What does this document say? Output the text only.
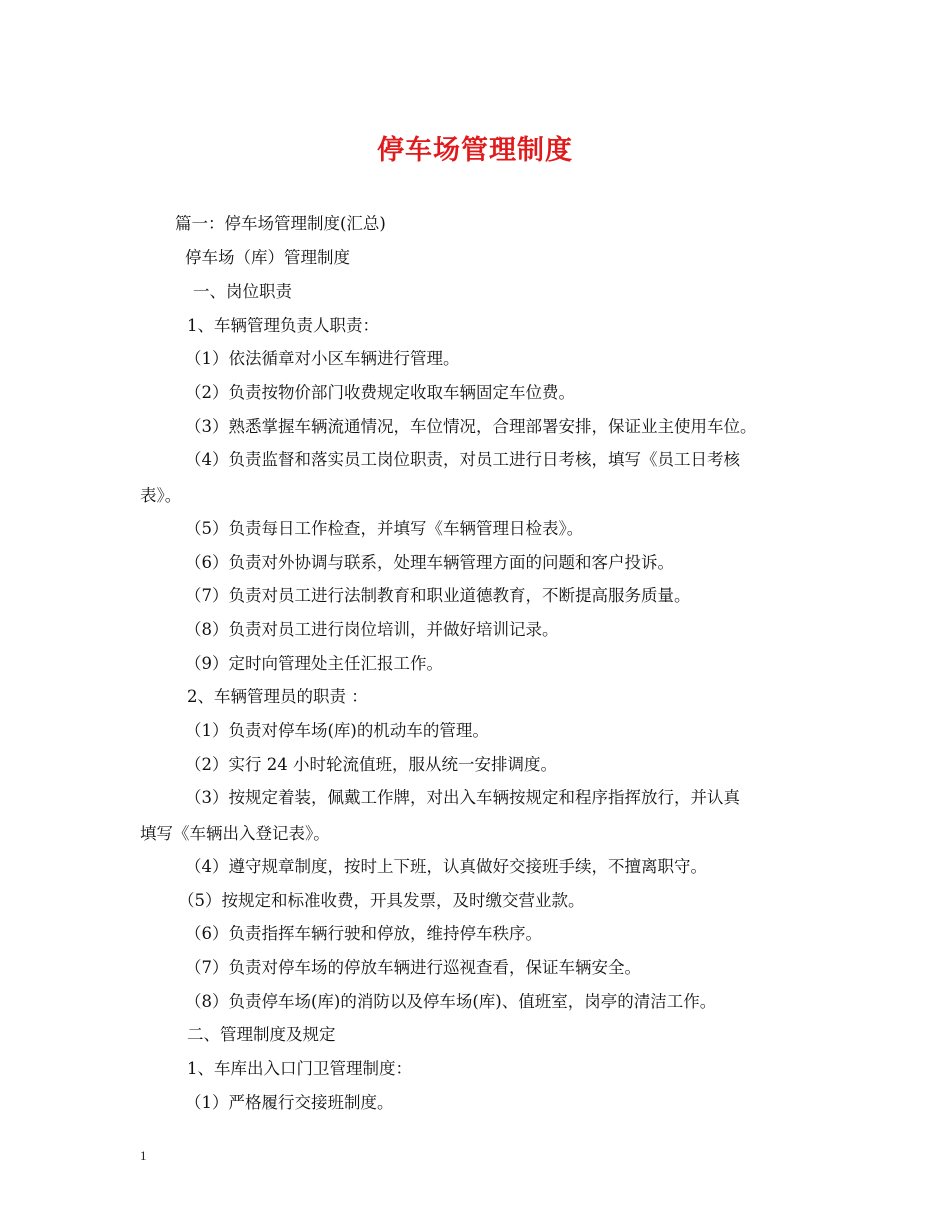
停车场管理制度
篇一：停车场管理制度(汇总)
停车场（库）管理制度
一、岗位职责
1、车辆管理负责人职责：
（1）依法循章对小区车辆进行管理。
（2）负责按物价部门收费规定收取车辆固定车位费。
（3）熟悉掌握车辆流通情况，车位情况，合理部署安排，保证业主使用车位。
（4）负责监督和落实员工岗位职责，对员工进行日考核，填写《员工日考核
表》。
（5）负责每日工作检查，并填写《车辆管理日检表》。
（6）负责对外协调与联系，处理车辆管理方面的问题和客户投诉。
（7）负责对员工进行法制教育和职业道德教育，不断提高服务质量。
（8）负责对员工进行岗位培训，并做好培训记录。
（9）定时向管理处主任汇报工作。
2、车辆管理员的职责 ：
（1）负责对停车场(库)的机动车的管理。
（2）实行 24 小时轮流值班，服从统一安排调度。
（3）按规定着装，佩戴工作牌，对出入车辆按规定和程序指挥放行，并认真
填写《车辆出入登记表》。
（4）遵守规章制度，按时上下班，认真做好交接班手续，不擅离职守。
（5）按规定和标准收费，开具发票，及时缴交营业款。
（6）负责指挥车辆行驶和停放，维持停车秩序。
（7）负责对停车场的停放车辆进行巡视查看，保证车辆安全。
（8）负责停车场(库)的消防以及停车场(库)、值班室，岗亭的清洁工作。
二、管理制度及规定
1、车库出入口门卫管理制度：
（1）严格履行交接班制度。
1
